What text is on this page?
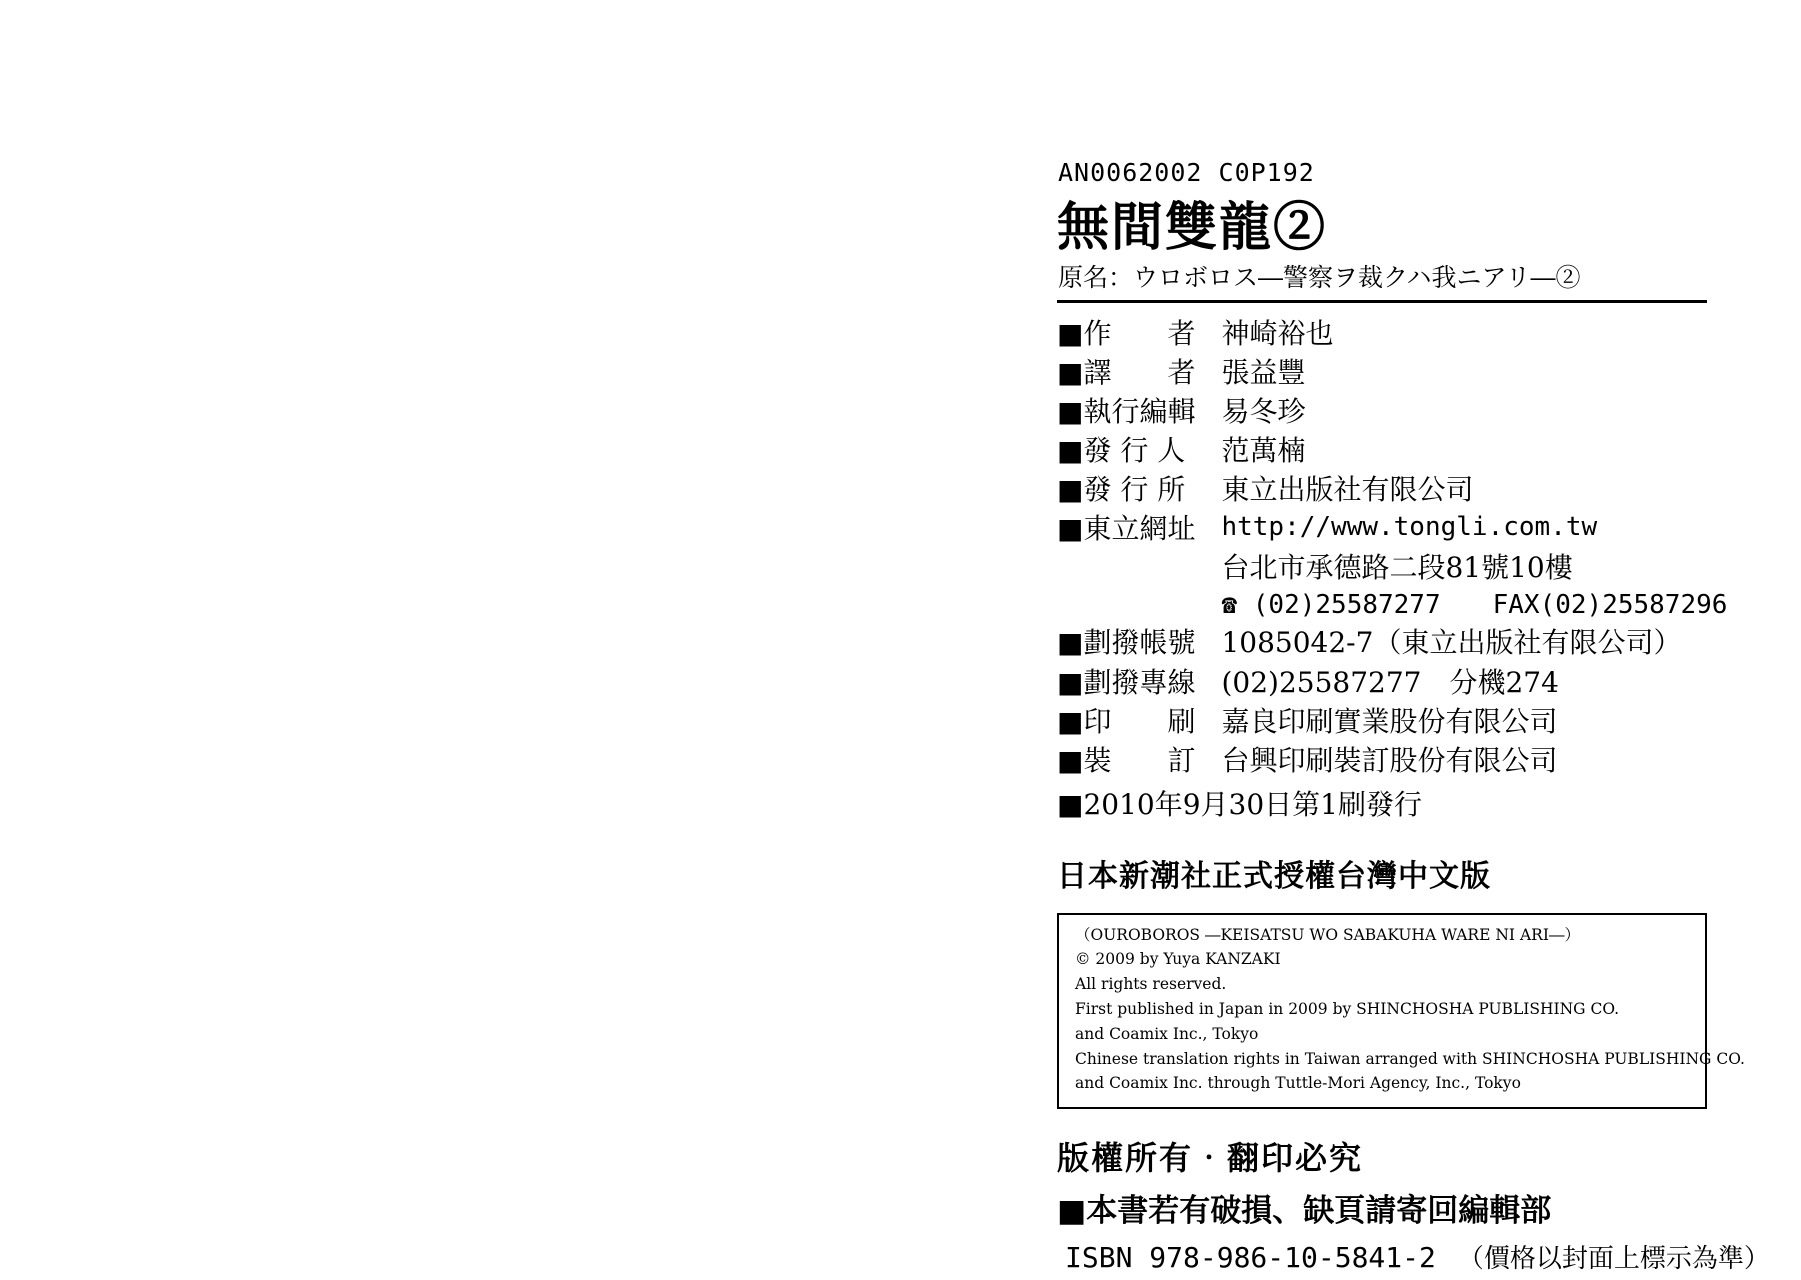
AN0062002 C0P192
無間雙龍②
原名：ウロボロス―警察ヲ裁クハ我ニアリ―②
■作　　者	神崎裕也
■譯　　者	張益豐
■執行編輯	易冬珍
■發 行 人	范萬楠
■發 行 所	東立出版社有限公司
■東立網址	http://www.tongli.com.tw
	台北市承德路二段81號10樓
	☎ (02)25587277　　FAX(02)25587296
■劃撥帳號	1085042-7（東立出版社有限公司）
■劃撥專線	(02)25587277　分機274
■印　　刷	嘉良印刷實業股份有限公司
■裝　　訂	台興印刷裝訂股份有限公司
■2010年9月30日第1刷發行
日本新潮社正式授權台灣中文版

（OUROBOROS ―KEISATSU WO SABAKUHA WARE NI ARI―）

© 2009 by Yuya KANZAKI

All rights reserved.

First published in Japan in 2009 by SHINCHOSHA PUBLISHING CO.

and Coamix Inc., Tokyo

Chinese translation rights in Taiwan arranged with SHINCHOSHA PUBLISHING CO.

and Coamix Inc. through Tuttle-Mori Agency, Inc., Tokyo

版權所有‧翻印必究
■本書若有破損、缺頁請寄回編輯部
ISBN 978-986-10-5841-2 （價格以封面上標示為準）
